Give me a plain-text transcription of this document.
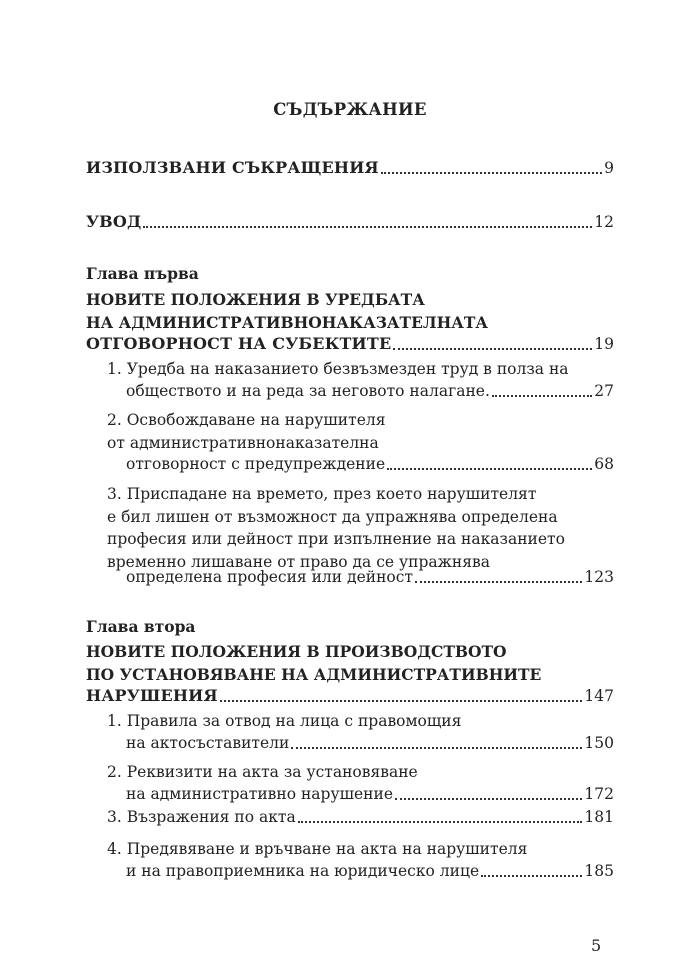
СЪДЪРЖАНИЕ
ИЗПОЛЗВАНИ СЪКРАЩЕНИЯ	9
УВОД	12
Глава първа
НОВИТЕ ПОЛОЖЕНИЯ В УРЕДБАТА
НА АДМИНИСТРАТИВНОНАКАЗАТЕЛНАТА
ОТГОВОРНОСТ НА СУБЕКТИТЕ	19
1. Уредба на наказанието безвъзмезден труд в полза на
обществото и на реда за неговото налагане.	27
2. Освобождаване на нарушителя
от административнонаказателна
отговорност с предупреждение	68
3. Приспадане на времето, през което нарушителят
е бил лишен от възможност да упражнява определена
професия или дейност при изпълнение на наказанието
временно лишаване от право да се упражнява
определена професия или дейност	123
Глава втора
НОВИТЕ ПОЛОЖЕНИЯ В ПРОИЗВОДСТВОТО
ПО УСТАНОВЯВАНЕ НА АДМИНИСТРАТИВНИТЕ
НАРУШЕНИЯ	147
1. Правила за отвод на лица с правомощия
на актосъставители	150
2. Реквизити на акта за установяване
на административно нарушение	172
3. Възражения по акта	181
4. Предявяване и връчване на акта на нарушителя
и на правоприемника на юридическо лице	185
5
